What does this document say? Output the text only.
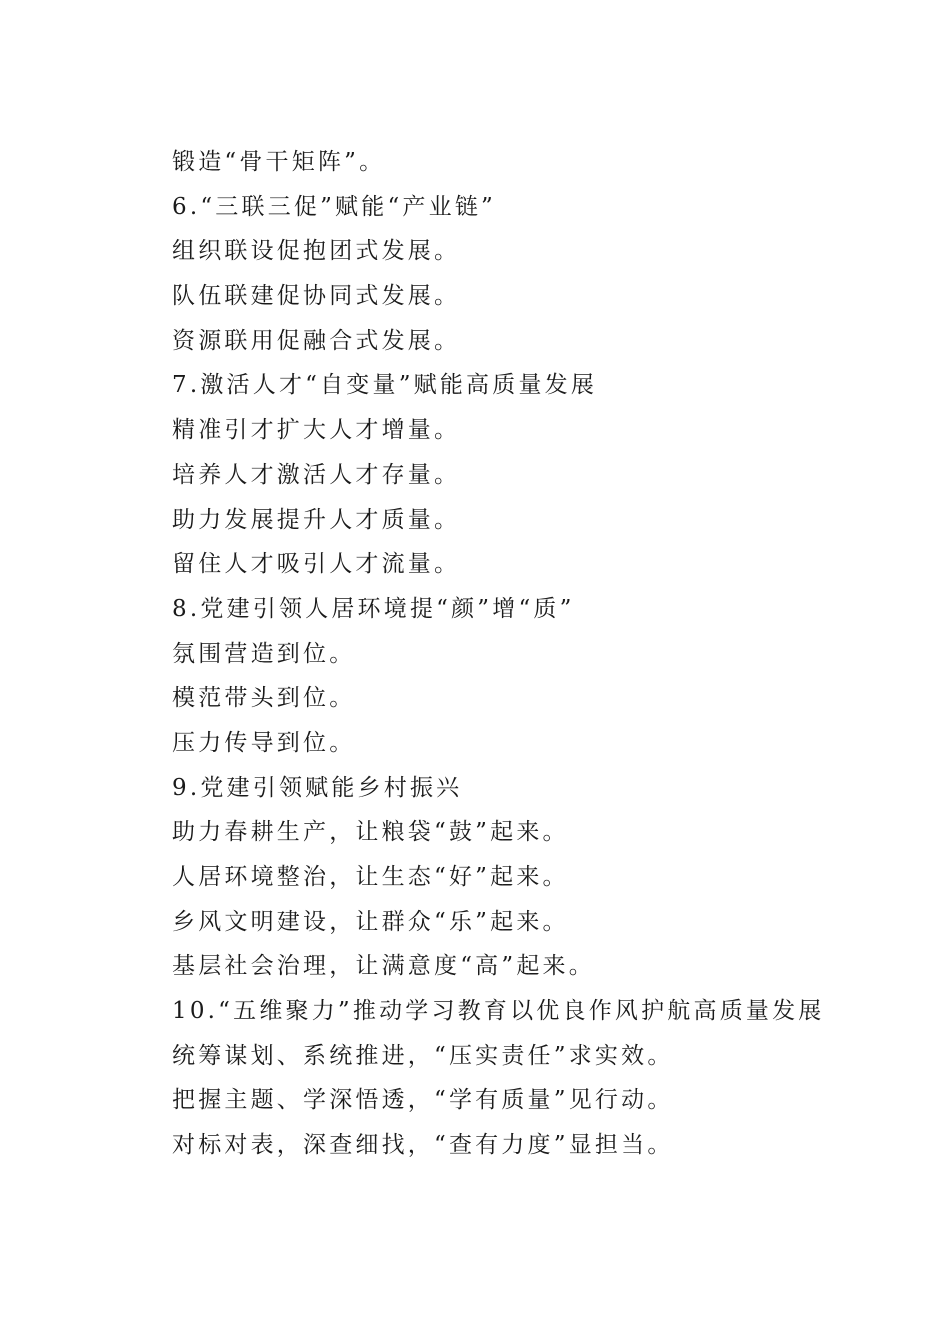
锻造“骨干矩阵”。
6.“三联三促”赋能“产业链”
组织联设促抱团式发展。
队伍联建促协同式发展。
资源联用促融合式发展。
7.激活人才“自变量”赋能高质量发展
精准引才扩大人才增量。
培养人才激活人才存量。
助力发展提升人才质量。
留住人才吸引人才流量。
8.党建引领人居环境提“颜”增“质”
氛围营造到位。
模范带头到位。
压力传导到位。
9.党建引领赋能乡村振兴
助力春耕生产，让粮袋“鼓”起来。
人居环境整治，让生态“好”起来。
乡风文明建设，让群众“乐”起来。
基层社会治理，让满意度“高”起来。
10.“五维聚力”推动学习教育以优良作风护航高质量发展
统筹谋划、系统推进，“压实责任”求实效。
把握主题、学深悟透，“学有质量”见行动。
对标对表，深查细找，“查有力度”显担当。
